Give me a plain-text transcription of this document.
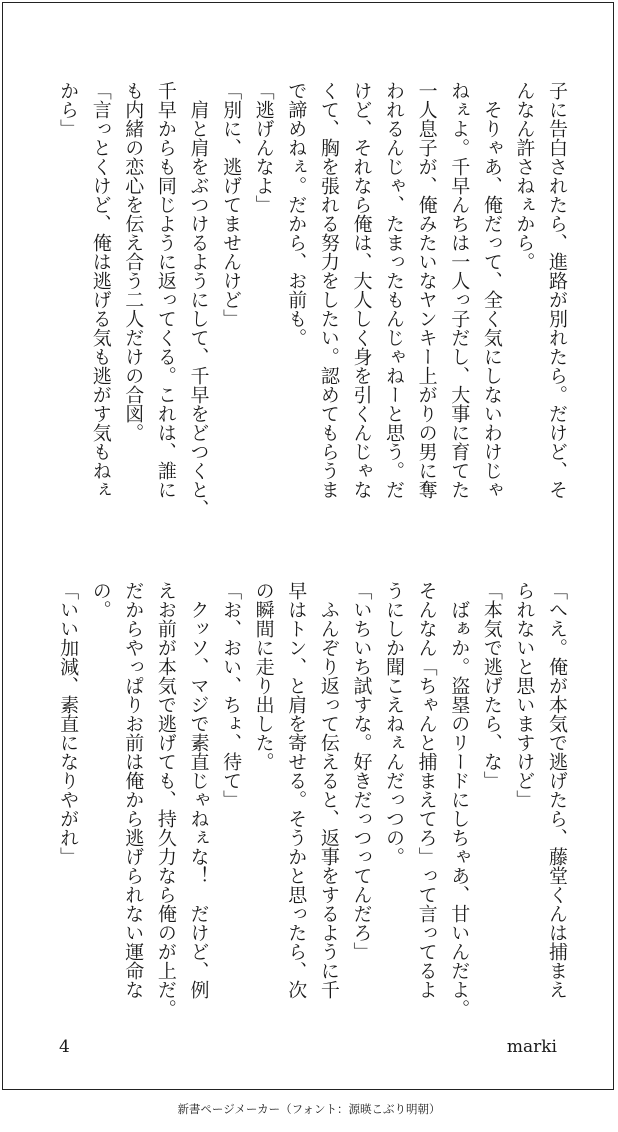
子に告白されたら、進路が別れたら。だけど、そ
んなん許さねぇから。
　そりゃあ、俺だって、全く気にしないわけじゃ
ねぇよ。千早んちは一人っ子だし、大事に育てた
一人息子が、俺みたいなヤンキー上がりの男に奪
われるんじゃ、たまったもんじゃねーと思う。だ
けど、それなら俺は、大人しく身を引くんじゃな
くて、胸を張れる努力をしたい。認めてもらうま
で諦めねぇ。だから、お前も。
「逃げんなよ」
「別に、逃げてませんけど」
　肩と肩をぶつけるようにして、千早をどつくと、
千早からも同じように返ってくる。これは、誰に
も内緒の恋心を伝え合う二人だけの合図。
「言っとくけど、俺は逃げる気も逃がす気もねぇ
から」
「へえ。俺が本気で逃げたら、藤堂くんは捕まえ
られないと思いますけど」
「本気で逃げたら、な」
　ばぁか。盗塁のリードにしちゃあ、甘いんだよ。
そんなん「ちゃんと捕まえてろ」って言ってるよ
うにしか聞こえねぇんだっつの。
「いちいち試すな。好きだっつってんだろ」
　ふんぞり返って伝えると、返事をするように千
早はトン、と肩を寄せる。そうかと思ったら、次
の瞬間に走り出した。
「お、おい、ちょ、待て」
　クッソ、マジで素直じゃねぇな！　だけど、例
えお前が本気で逃げても、持久力なら俺のが上だ。
だからやっぱりお前は俺から逃げられない運命な
の。
「いい加減、素直になりやがれ」
4	marki
新書ページメーカー（フォント：源暎こぶり明朝）
